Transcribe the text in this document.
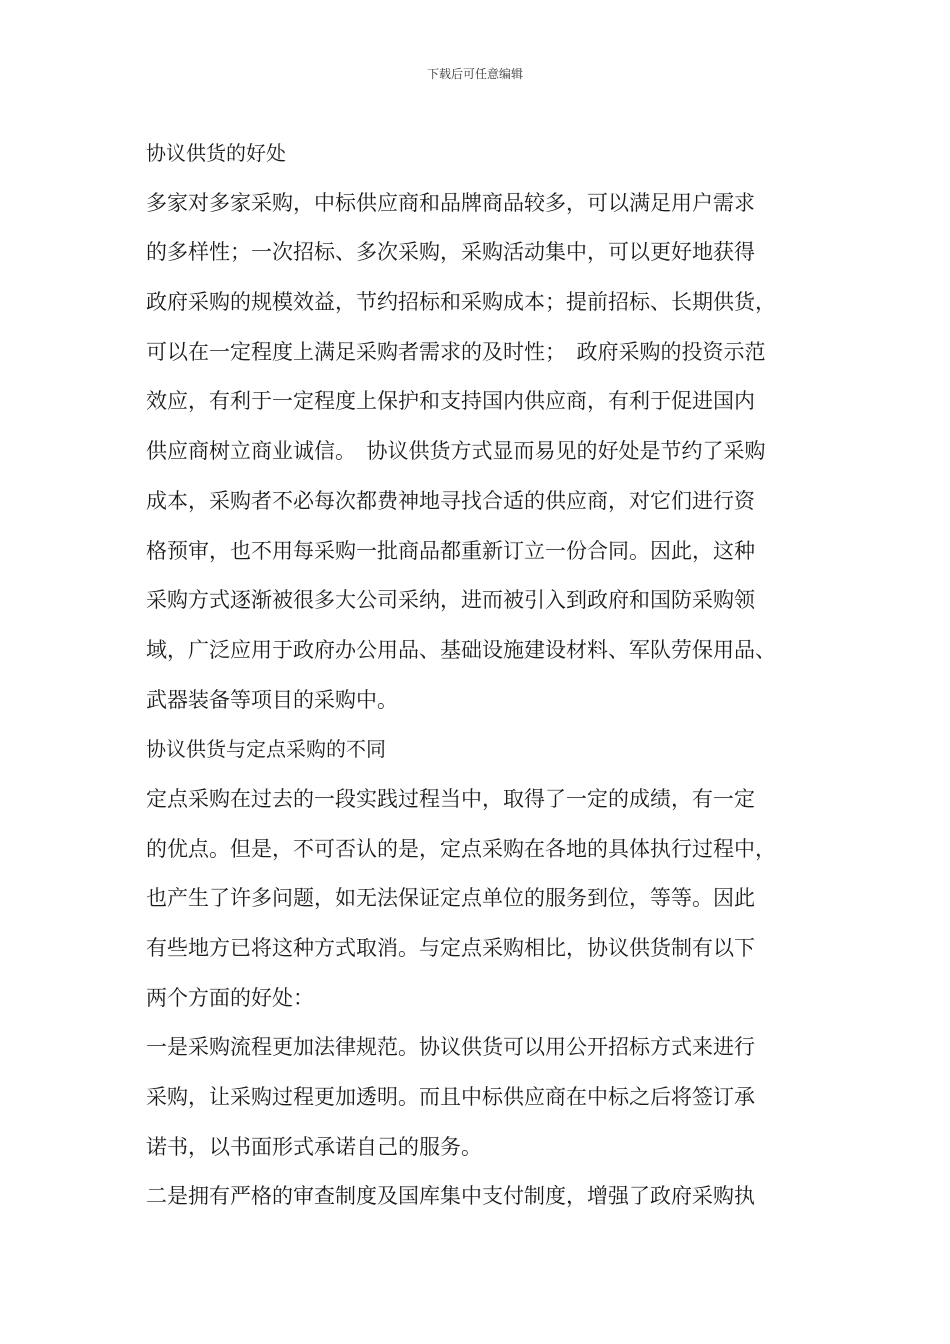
下载后可任意编辑
协议供货的好处
多家对多家采购，中标供应商和品牌商品较多，可以满足用户需求
的多样性；一次招标、多次采购，采购活动集中，可以更好地获得
政府采购的规模效益，节约招标和采购成本；提前招标、长期供货，
可以在一定程度上满足采购者需求的及时性；　政府采购的投资示范
效应，有利于一定程度上保护和支持国内供应商，有利于促进国内
供应商树立商业诚信。　协议供货方式显而易见的好处是节约了采购
成本，采购者不必每次都费神地寻找合适的供应商，对它们进行资
格预审，也不用每采购一批商品都重新订立一份合同。因此，这种
采购方式逐渐被很多大公司采纳，进而被引入到政府和国防采购领
域，广泛应用于政府办公用品、基础设施建设材料、军队劳保用品、
武器装备等项目的采购中。
协议供货与定点采购的不同
定点采购在过去的一段实践过程当中，取得了一定的成绩，有一定
的优点。但是，不可否认的是，定点采购在各地的具体执行过程中，
也产生了许多问题，如无法保证定点单位的服务到位，等等。因此
有些地方已将这种方式取消。与定点采购相比，协议供货制有以下
两个方面的好处：
一是采购流程更加法律规范。协议供货可以用公开招标方式来进行
采购，让采购过程更加透明。而且中标供应商在中标之后将签订承
诺书，以书面形式承诺自己的服务。
二是拥有严格的审查制度及国库集中支付制度，增强了政府采购执
